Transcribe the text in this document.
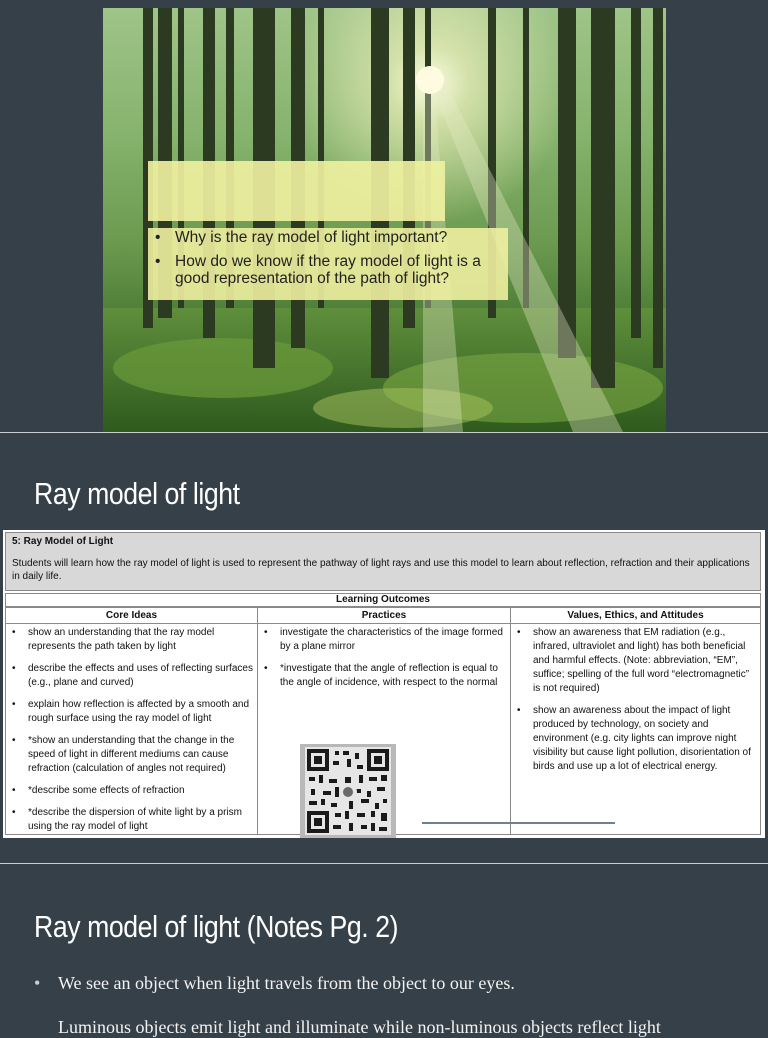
• Why is the ray model of light important?
• How do we know if the ray model of light is a good representation of the path of light?
Ray model of light
5: Ray Model of Light
Students will learn how the ray model of light is used to represent the pathway of light rays and use this model to learn about reflection, refraction and their applications in daily life.
Learning Outcomes
Core Ideas
• show an understanding that the ray model represents the path taken by light
• describe the effects and uses of reflecting surfaces (e.g., plane and curved)
• explain how reflection is affected by a smooth and rough surface using the ray model of light
• *show an understanding that the change in the speed of light in different mediums can cause refraction (calculation of angles not required)
• *describe some effects of refraction
• *describe the dispersion of white light by a prism using the ray model of light
Practices
• investigate the characteristics of the image formed by a plane mirror
• *investigate that the angle of reflection is equal to the angle of incidence, with respect to the normal
Values, Ethics, and Attitudes
• show an awareness that EM radiation (e.g., infrared, ultraviolet and light) has both beneficial and harmful effects. (Note: abbreviation, “EM”, suffice; spelling of the full word “electromagnetic” is not required)
• show an awareness about the impact of light produced by technology, on society and environment (e.g. city lights can improve night visibility but cause light pollution, disorientation of birds and use up a lot of electrical energy.
Ray model of light (Notes Pg. 2)
• We see an object when light travels from the object to our eyes.
Luminous objects emit light and illuminate while non-luminous objects reflect light
